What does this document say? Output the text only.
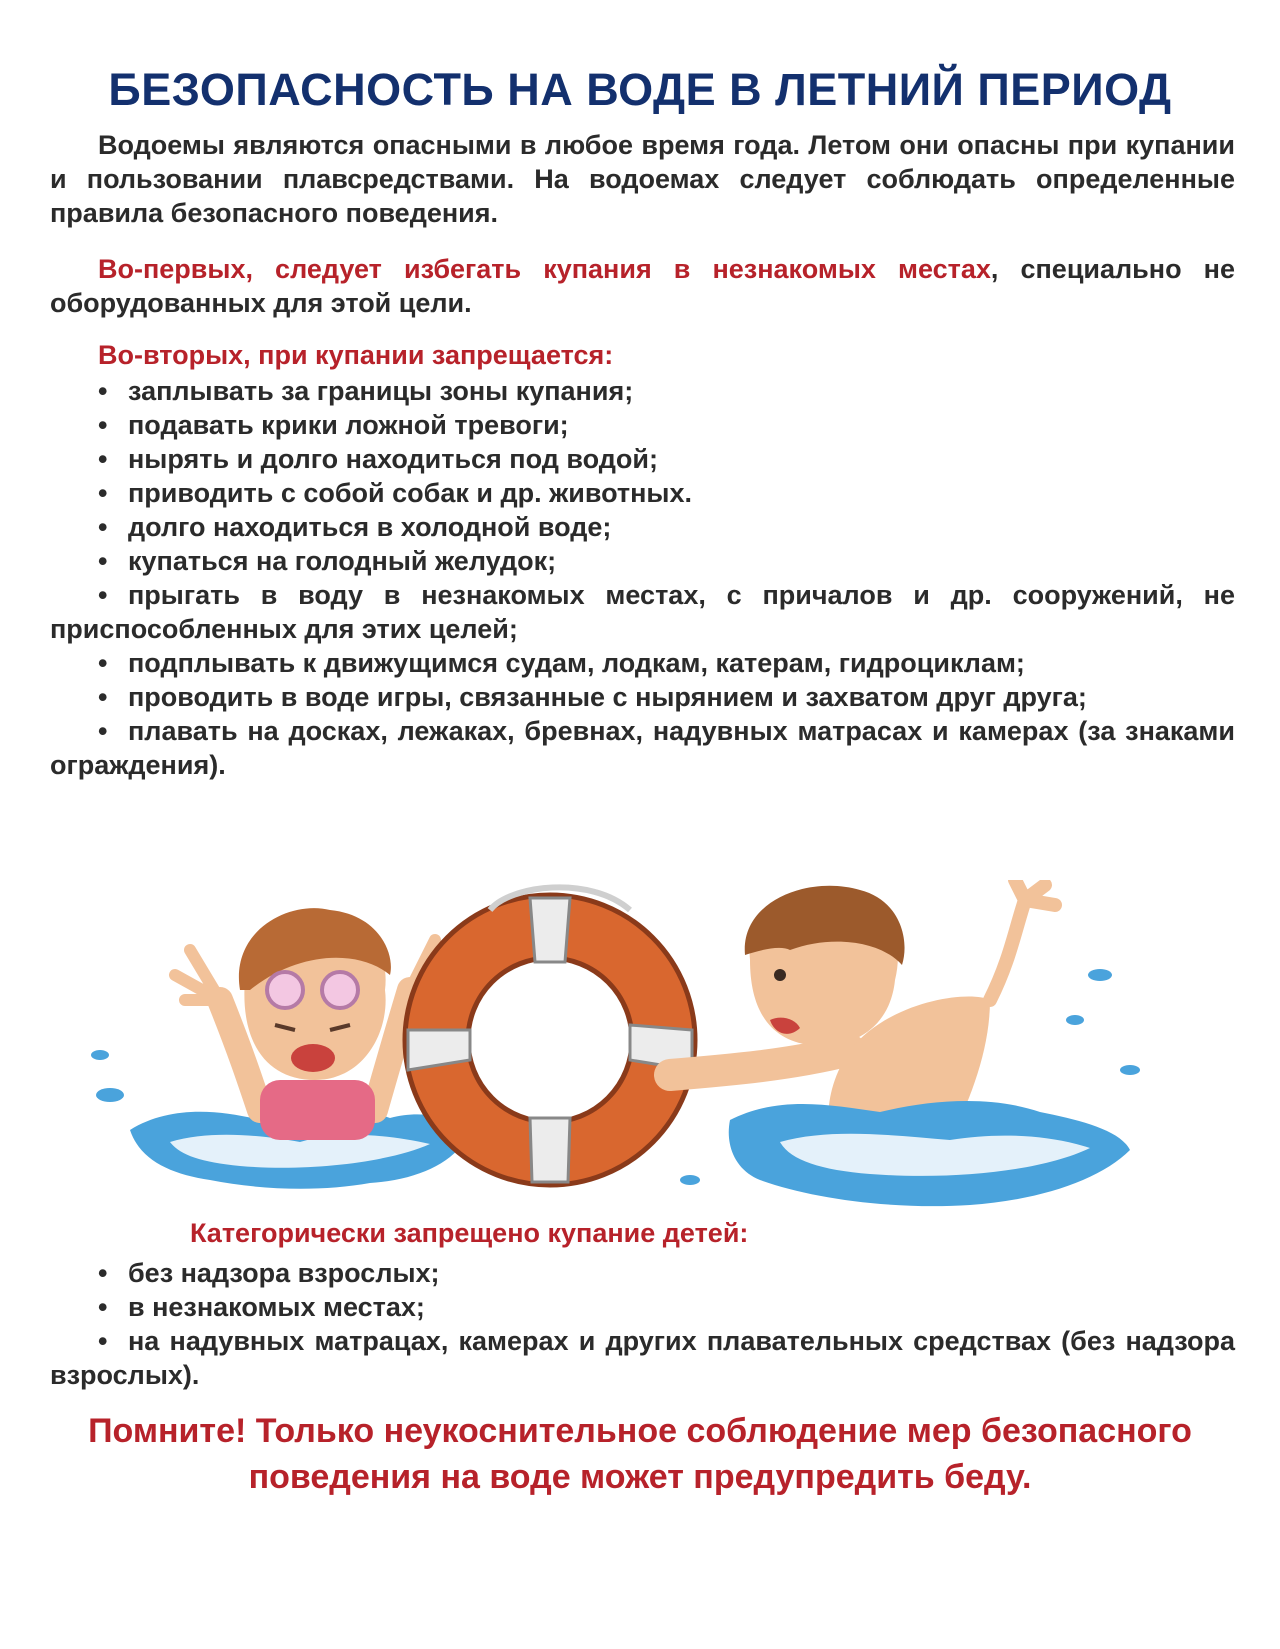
БЕЗОПАСНОСТЬ НА ВОДЕ В ЛЕТНИЙ ПЕРИОД
Водоемы являются опасными в любое время года. Летом они опасны при купании и пользовании плавсредствами. На водоемах следует соблюдать определенные правила безопасного поведения.
Во-первых, следует избегать купания в незнакомых местах, специально не оборудованных для этой цели.
Во-вторых, при купании запрещается:
• заплывать за границы зоны купания;
• подавать крики ложной тревоги;
• нырять и долго находиться под водой;
• приводить с собой собак и др. животных.
• долго находиться в холодной воде;
• купаться на голодный желудок;
• прыгать в воду в незнакомых местах, с причалов и др. сооружений, не приспособленных для этих целей;
• подплывать к движущимся судам, лодкам, катерам, гидроциклам;
• проводить в воде игры, связанные с нырянием и захватом друг друга;
• плавать на досках, лежаках, бревнах, надувных матрасах и камерах (за знаками ограждения).
Категорически запрещено купание детей:
• без надзора взрослых;
• в незнакомых местах;
• на надувных матрацах, камерах и других плавательных средствах (без надзора взрослых).
Помните! Только неукоснительное соблюдение мер безопасного поведения на воде может предупредить беду.
